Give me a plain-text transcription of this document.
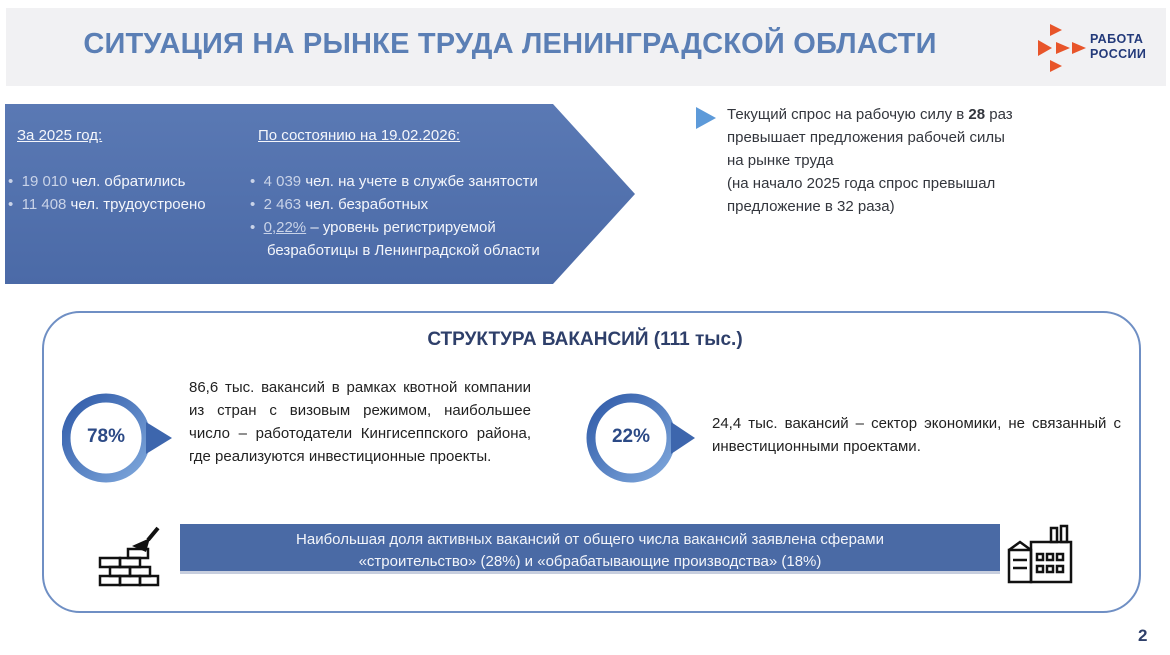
СИТУАЦИЯ НА РЫНКЕ ТРУДА ЛЕНИНГРАДСКОЙ ОБЛАСТИ	РАБОТА
РОССИИ
За 2025 год:	По состоянию на 19.02.2026:
• 19 010 чел. обратились
• 11 408 чел. трудоустроено
• 4 039 чел. на учете в службе занятости
• 2 463 чел. безработных
• 0,22% – уровень регистрируемой
безработицы в Ленинградской области
Текущий спрос на рабочую силу в 28 раз
превышает предложения рабочей силы
на рынке труда
(на начало 2025 года спрос превышал
предложение в 32 раза)
СТРУКТУРА ВАКАНСИЙ (111 тыс.)
78%
86,6 тыс. вакансий в рамках квотной компании из стран с визовым режимом, наибольшее число – работодатели Кингисеппского района, где реализуются инвестиционные проекты.
22%
24,4 тыс. вакансий – сектор экономики, не связанный с инвестиционными проектами.
Наибольшая доля активных вакансий от общего числа вакансий заявлена сферами
«строительство» (28%) и «обрабатывающие производства» (18%)
2
